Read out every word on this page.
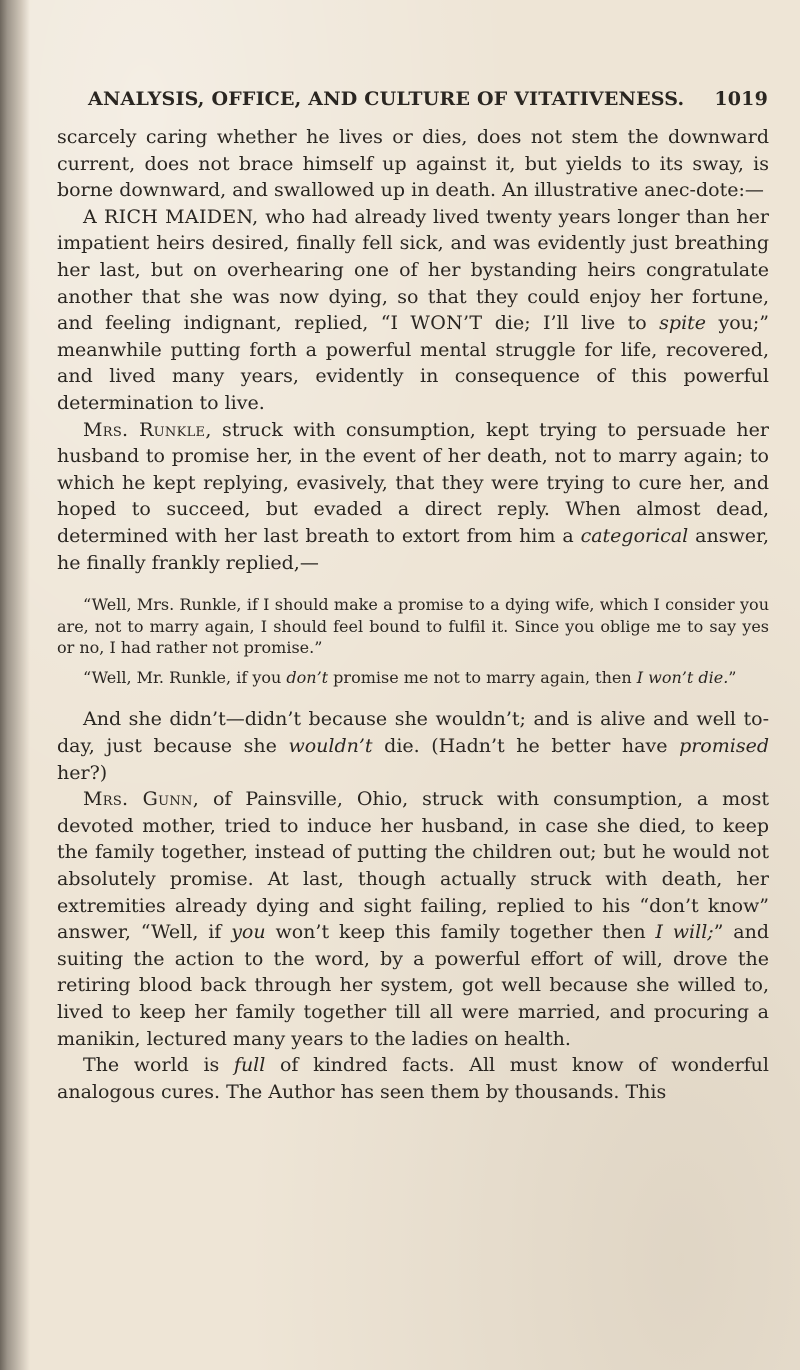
ANALYSIS, OFFICE, AND CULTURE OF VITATIVENESS. 1019

scarcely caring whether he lives or dies, does not stem the downward current, does not brace himself up against it, but yields to its sway, is borne downward, and swallowed up in death. An illustrative anec-dote:—

A RICH MAIDEN, who had already lived twenty years longer than her impatient heirs desired, finally fell sick, and was evidently just breathing her last, but on overhearing one of her bystanding heirs congratulate another that she was now dying, so that they could enjoy her fortune, and feeling indignant, replied, “I WON’T die; I’ll live to spite you;” meanwhile putting forth a powerful mental struggle for life, recovered, and lived many years, evidently in consequence of this powerful determination to live.

Mrs. Runkle, struck with consumption, kept trying to persuade her husband to promise her, in the event of her death, not to marry again; to which he kept replying, evasively, that they were trying to cure her, and hoped to succeed, but evaded a direct reply. When almost dead, determined with her last breath to extort from him a categorical answer, he finally frankly replied,—

“Well, Mrs. Runkle, if I should make a promise to a dying wife, which I consider you are, not to marry again, I should feel bound to fulfil it. Since you oblige me to say yes or no, I had rather not promise.”

“Well, Mr. Runkle, if you don’t promise me not to marry again, then I won’t die.”

And she didn’t—didn’t because she wouldn’t; and is alive and well to-day, just because she wouldn’t die. (Hadn’t he better have promised her?)

Mrs. Gunn, of Painsville, Ohio, struck with consumption, a most devoted mother, tried to induce her husband, in case she died, to keep the family together, instead of putting the children out; but he would not absolutely promise. At last, though actually struck with death, her extremities already dying and sight failing, replied to his “don’t know” answer, “Well, if you won’t keep this family together then I will;” and suiting the action to the word, by a powerful effort of will, drove the retiring blood back through her system, got well because she willed to, lived to keep her family together till all were married, and procuring a manikin, lectured many years to the ladies on health.

The world is full of kindred facts. All must know of wonderful analogous cures. The Author has seen them by thousands. This
